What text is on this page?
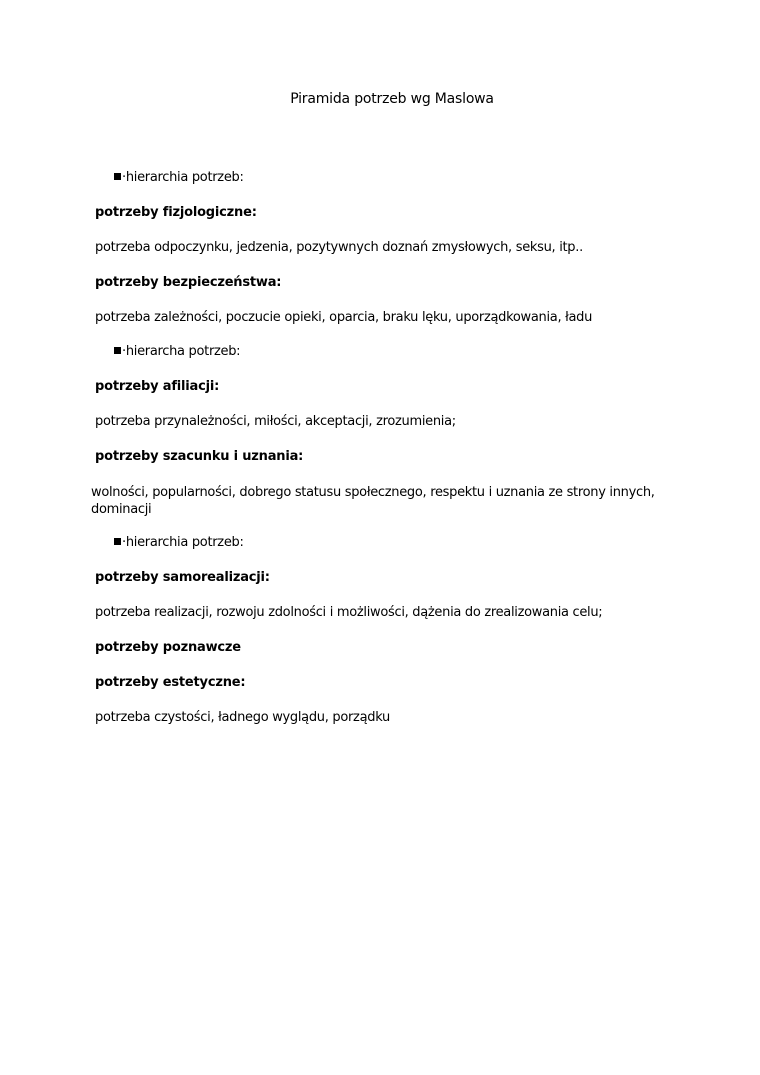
Piramida potrzeb wg Maslowa
·hierarchia potrzeb:
potrzeby fizjologiczne:
potrzeba odpoczynku, jedzenia, pozytywnych doznań zmysłowych, seksu, itp..
potrzeby bezpieczeństwa:
potrzeba zależności, poczucie opieki, oparcia, braku lęku, uporządkowania, ładu
·hierarcha potrzeb:
potrzeby afiliacji:
potrzeba przynależności, miłości, akceptacji, zrozumienia;
potrzeby szacunku i uznania:
wolności, popularności, dobrego statusu społecznego, respektu i uznania ze strony innych, dominacji
·hierarchia potrzeb:
potrzeby samorealizacji:
potrzeba realizacji, rozwoju zdolności i możliwości, dążenia do zrealizowania celu;
potrzeby poznawcze
potrzeby estetyczne:
potrzeba czystości, ładnego wyglądu, porządku
